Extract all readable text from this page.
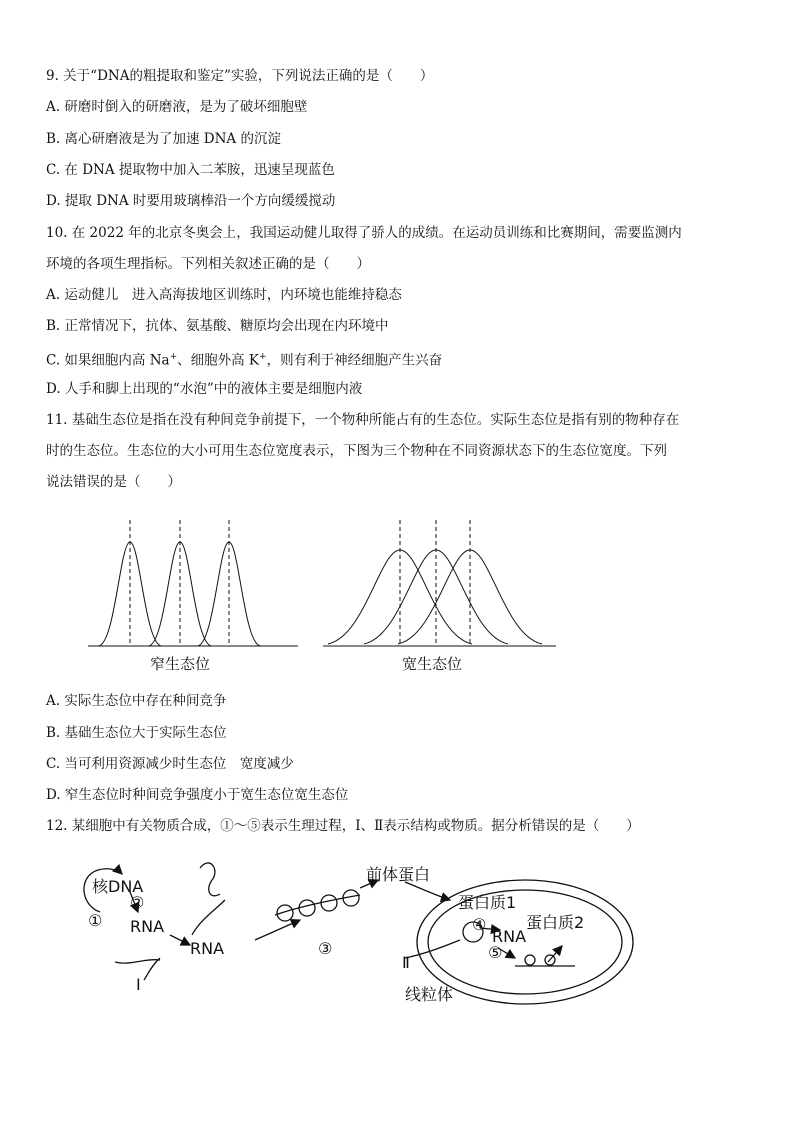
9. 关于“DNA的粗提取和鉴定”实验，下列说法正确的是（　　）
A. 研磨时倒入的研磨液，是为了破坏细胞壁
B. 离心研磨液是为了加速 DNA 的沉淀
C. 在 DNA 提取物中加入二苯胺，迅速呈现蓝色
D. 提取 DNA 时要用玻璃棒沿一个方向缓缓搅动
10. 在 2022 年的北京冬奥会上，我国运动健儿取得了骄人的成绩。在运动员训练和比赛期间，需要监测内
环境的各项生理指标。下列相关叙述正确的是（　　）
A. 运动健儿　进入高海拔地区训练时，内环境也能维持稳态
B. 正常情况下，抗体、氨基酸、糖原均会出现在内环境中
C. 如果细胞内高 Na+、细胞外高 K+，则有利于神经细胞产生兴奋
D. 人手和脚上出现的“水泡”中的液体主要是细胞内液
11. 基础生态位是指在没有种间竞争前提下，一个物种所能占有的生态位。实际生态位是指有别的物种存在
时的生态位。生态位的大小可用生态位宽度表示，下图为三个物种在不同资源状态下的生态位宽度。下列
说法错误的是（　　）
窄生态位	宽生态位
A. 实际生态位中存在种间竞争
B. 基础生态位大于实际生态位
C. 当可利用资源减少时生态位　宽度减少
D. 窄生态位时种间竞争强度小于宽生态位宽生态位
12. 某细胞中有关物质合成，①～⑤表示生理过程，Ⅰ、Ⅱ表示结构或物质。据分析错误的是（　　）
核DNA
①
②
RNA
RNA
Ⅰ
③
前体蛋白
蛋白质1
④
RNA
蛋白质2
⑤
Ⅱ
线粒体
